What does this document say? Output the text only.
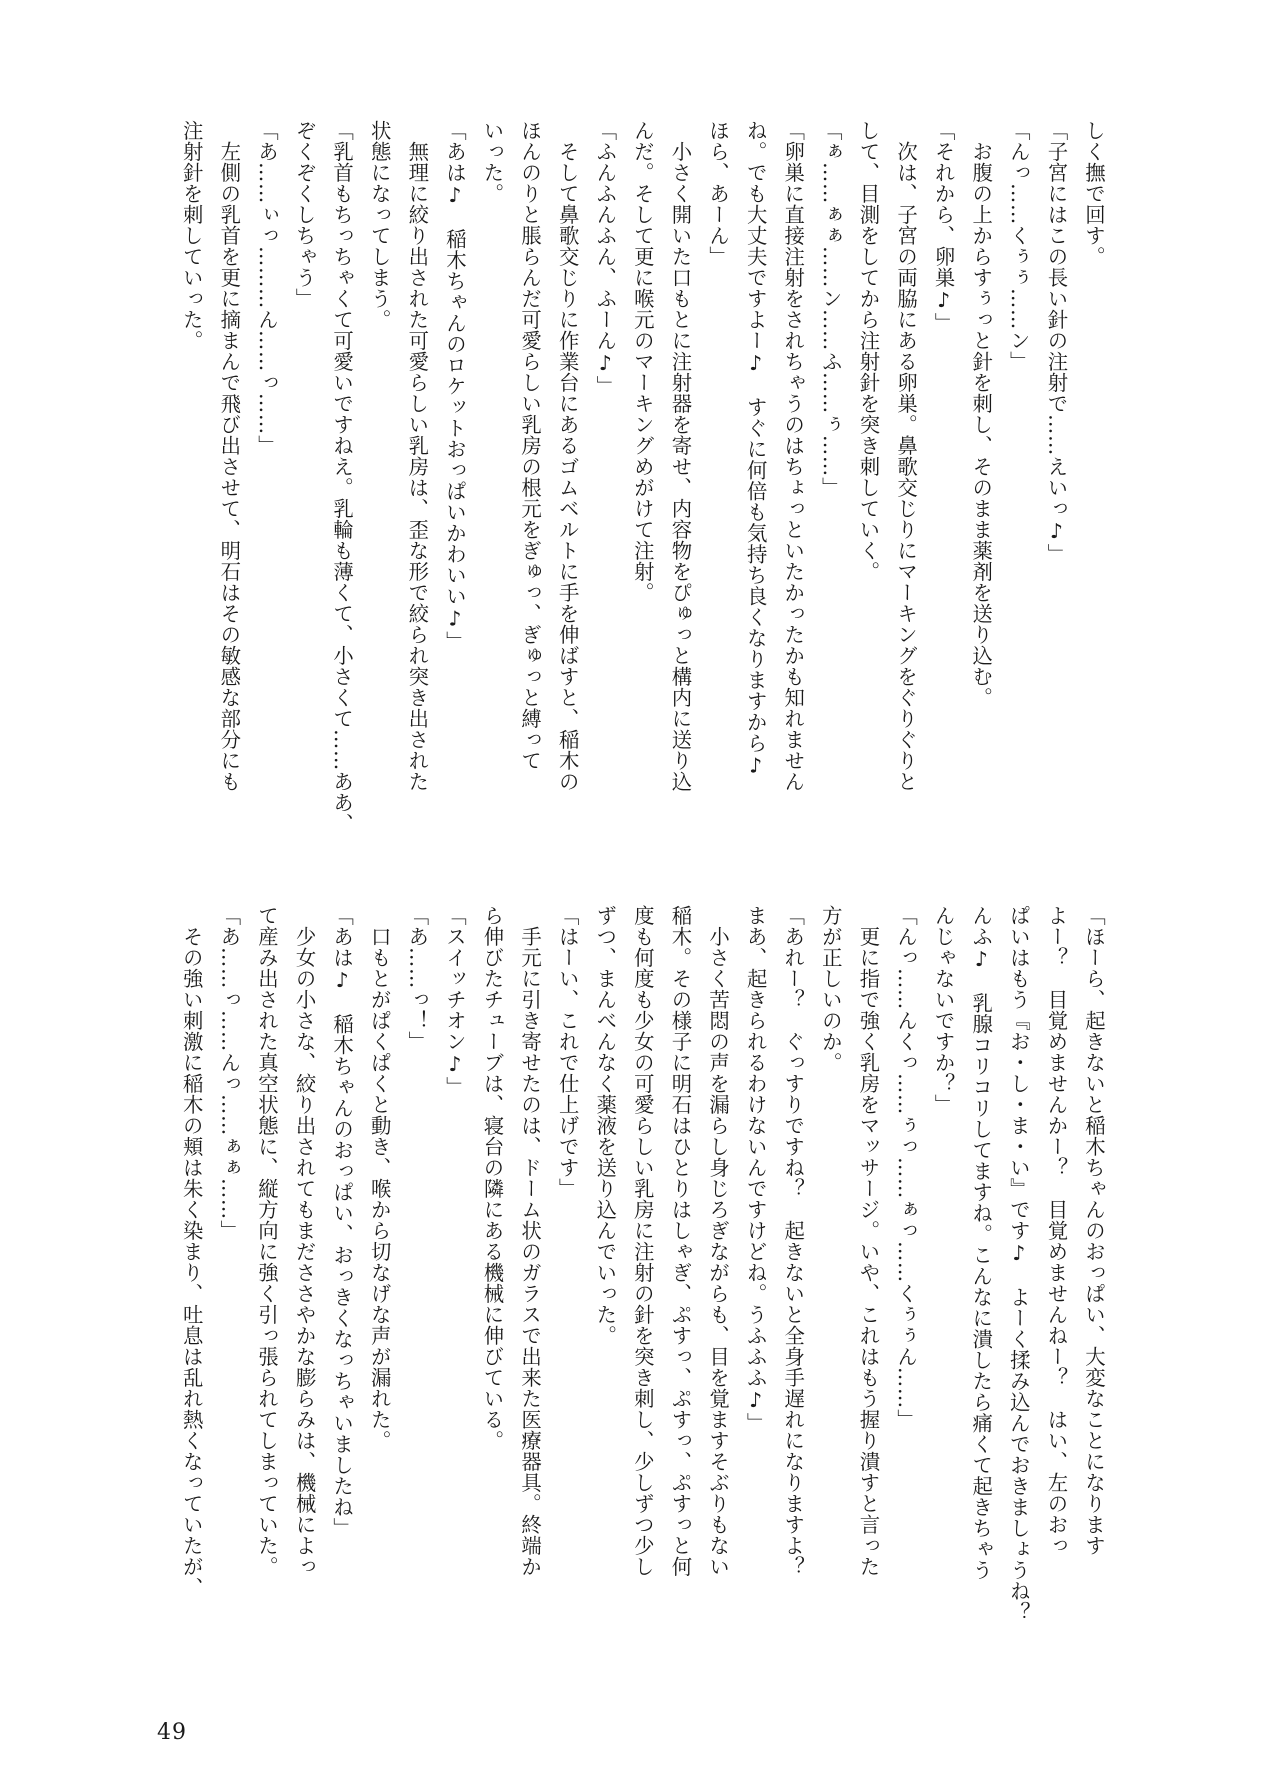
しく撫で回す。
「子宮にはこの長い針の注射で……えいっ♪」
「んっ……くぅぅ……ン」
　お腹の上からすぅっと針を刺し、そのまま薬剤を送り込む。
「それから、卵巣♪」
　次は、子宮の両脇にある卵巣。鼻歌交じりにマーキングをぐりぐりと
して、目測をしてから注射針を突き刺していく。
「ぁ……ぁぁ……ン……ふ……ぅ……」
「卵巣に直接注射をされちゃうのはちょっといたかったかも知れません
ね。でも大丈夫ですよー♪　すぐに何倍も気持ち良くなりますから♪
ほら、あーん」
　小さく開いた口もとに注射器を寄せ、内容物をぴゅっと構内に送り込
んだ。そして更に喉元のマーキングめがけて注射。
「ふんふんふん、ふーん♪」
　そして鼻歌交じりに作業台にあるゴムベルトに手を伸ばすと、稲木の
ほんのりと脹らんだ可愛らしい乳房の根元をぎゅっ、ぎゅっと縛って
いった。
「あは♪　稲木ちゃんのロケットおっぱいかわいい♪」
　無理に絞り出された可愛らしい乳房は、歪な形で絞られ突き出された
状態になってしまう。
「乳首もちっちゃくて可愛いですねえ。乳輪も薄くて、小さくて……ああ、
ぞくぞくしちゃう」
「あ……ぃっ………ん……っ……」
　左側の乳首を更に摘まんで飛び出させて、明石はその敏感な部分にも
注射針を刺していった。
「ほーら、起きないと稲木ちゃんのおっぱい、大変なことになります
よー？　目覚めませんかー？　目覚めませんねー？　はい、左のおっ
ぱいはもう『お・し・ま・い』です♪　よーく揉み込んでおきましょうね？
んふ♪　乳腺コリコリしてますね。こんなに潰したら痛くて起きちゃう
んじゃないですか？」
「んっ……んくっ……ぅっ……ぁっ……くぅぅん……」
　更に指で強く乳房をマッサージ。いや、これはもう握り潰すと言った
方が正しいのか。
「あれー？　ぐっすりですね？　起きないと全身手遅れになりますよ？
まあ、起きられるわけないんですけどね。うふふふ♪」
　小さく苦悶の声を漏らし身じろぎながらも、目を覚ますそぶりもない
稲木。その様子に明石はひとりはしゃぎ、ぷすっ、ぷすっ、ぷすっと何
度も何度も少女の可愛らしい乳房に注射の針を突き刺し、少しずつ少し
ずつ、まんべんなく薬液を送り込んでいった。
「はーい、これで仕上げです」
　手元に引き寄せたのは、ドーム状のガラスで出来た医療器具。終端か
ら伸びたチューブは、寝台の隣にある機械に伸びている。
「スイッチオン♪」
「あ……っ！」
　口もとがぱくぱくと動き、喉から切なげな声が漏れた。
「あは♪　稲木ちゃんのおっぱい、おっきくなっちゃいましたね」
　少女の小さな、絞り出されてもまだささやかな膨らみは、機械によっ
て産み出された真空状態に、縦方向に強く引っ張られてしまっていた。
「あ……っ……んっ……ぁぁ……」
　その強い刺激に稲木の頬は朱く染まり、吐息は乱れ熱くなっていたが、
49
